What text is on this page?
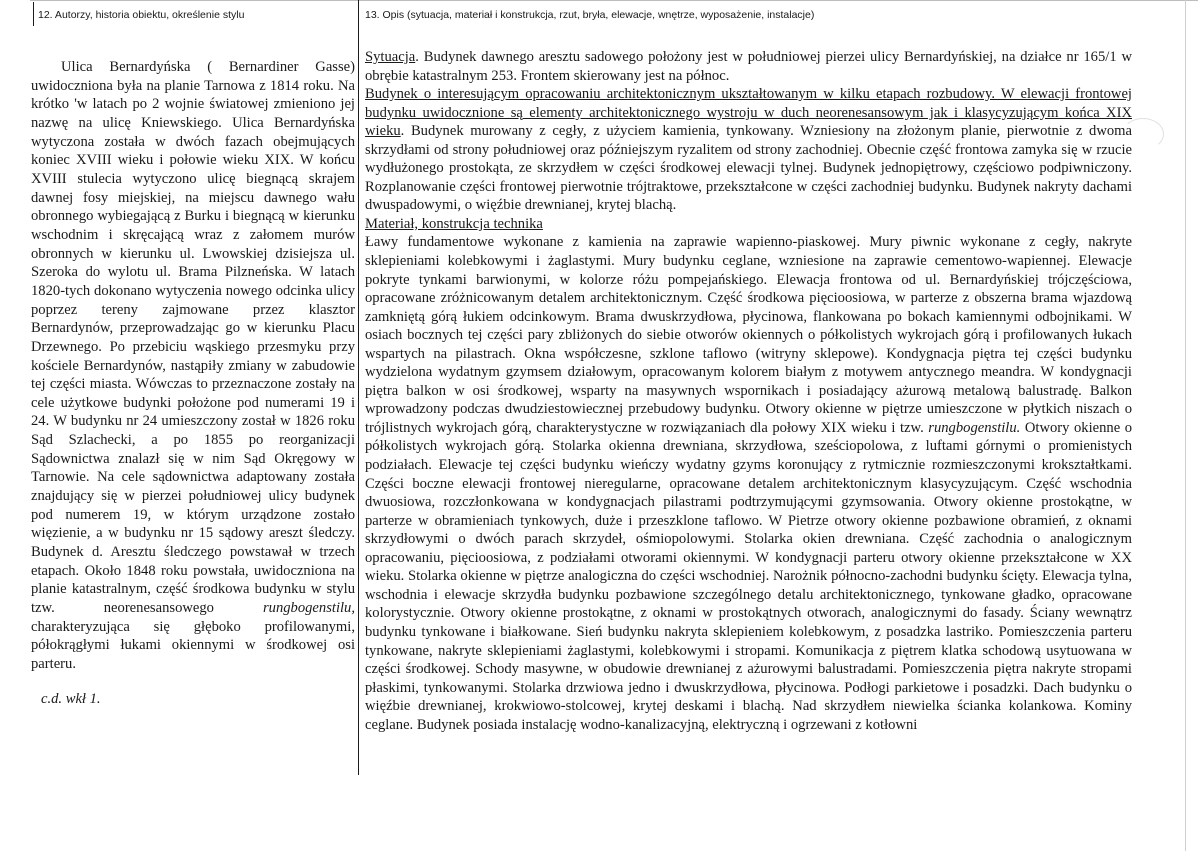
12. Autorzy, historia obiektu, określenie stylu	13. Opis (sytuacja, materiał i konstrukcja, rzut, bryła, elewacje, wnętrze, wyposażenie, instalacje)

Ulica Bernardyńska ( Bernardiner Gasse) uwidoczniona była na planie Tarnowa z 1814 roku. Na krótko 'w latach po 2 wojnie światowej zmieniono jej nazwę na ulicę Kniewskiego. Ulica Bernardyńska wytyczona została w dwóch fazach obejmujących koniec XVIII wieku i połowie wieku XIX. W końcu XVIII stulecia wytyczono ulicę biegnącą skrajem dawnej fosy miejskiej, na miejscu dawnego wału obronnego wybiegającą z Burku i biegnącą w kierunku wschodnim i skręcającą wraz z załomem murów obronnych w kierunku ul. Lwowskiej dzisiejsza ul. Szeroka do wylotu ul. Brama Pilzneńska. W latach 1820-tych dokonano wytyczenia nowego odcinka ulicy poprzez tereny zajmowane przez klasztor Bernardynów, przeprowadzając go w kierunku Placu Drzewnego. Po przebiciu wąskiego przesmyku przy kościele Bernardynów, nastąpiły zmiany w zabudowie tej części miasta. Wówczas to przeznaczone zostały na cele użytkowe budynki położone pod numerami 19 i 24. W budynku nr 24 umieszczony został w 1826 roku Sąd Szlachecki, a po 1855 po reorganizacji Sądownictwa znalazł się w nim Sąd Okręgowy w Tarnowie. Na cele sądownictwa adaptowany została znajdujący się w pierzei południowej ulicy budynek pod numerem 19, w którym urządzone zostało więzienie, a w budynku nr 15 sądowy areszt śledczy. Budynek d. Aresztu śledczego powstawał w trzech etapach. Około 1848 roku powstała, uwidoczniona na planie katastralnym, część środkowa budynku w stylu tzw. neorenesansowego	rungbogenstilu, charakteryzująca się głęboko profilowanymi, półokrągłymi łukami okiennymi w środkowej osi parteru.

c.d. wkł 1.

Sytuacja. Budynek dawnego aresztu sadowego położony jest w południowej pierzei ulicy Bernardyńskiej, na działce nr 165/1 w obrębie katastralnym 253. Frontem skierowany jest na północ.

Budynek o interesującym opracowaniu architektonicznym ukształtowanym w kilku etapach rozbudowy. W elewacji frontowej budynku uwidocznione są elementy architektonicznego wystroju w duch neorenesansowym jak i klasycyzującym końca XIX wieku. Budynek murowany z cegły, z użyciem kamienia, tynkowany. Wzniesiony na złożonym planie, pierwotnie z dwoma skrzydłami od strony południowej oraz późniejszym ryzalitem od strony zachodniej. Obecnie część frontowa zamyka się w rzucie wydłużonego prostokąta, ze skrzydłem w części środkowej elewacji tylnej. Budynek jednopiętrowy, częściowo podpiwniczony. Rozplanowanie części frontowej pierwotnie trójtraktowe, przekształcone w części zachodniej budynku. Budynek nakryty dachami dwuspadowymi, o więźbie drewnianej, krytej blachą.

Materiał, konstrukcja technika

Ławy fundamentowe wykonane z kamienia na zaprawie wapienno-piaskowej. Mury piwnic wykonane z cegły, nakryte sklepieniami kolebkowymi i żaglastymi. Mury budynku ceglane, wzniesione na zaprawie cementowo-wapiennej. Elewacje pokryte tynkami barwionymi, w kolorze różu pompejańskiego. Elewacja frontowa od ul. Bernardyńskiej trójczęściowa, opracowane zróżnicowanym detalem architektonicznym. Część środkowa pięcioosiowa, w parterze z obszerna brama wjazdową zamkniętą górą łukiem odcinkowym. Brama dwuskrzydłowa, płycinowa, flankowana po bokach kamiennymi odbojnikami. W osiach bocznych tej części pary zbliżonych do siebie otworów okiennych o półkolistych wykrojach górą i profilowanych łukach wspartych na pilastrach. Okna współczesne, szklone taflowo (witryny sklepowe). Kondygnacja piętra tej części budynku wydzielona wydatnym gzymsem działowym, opracowanym kolorem białym z motywem antycznego meandra. W kondygnacji piętra balkon w osi środkowej, wsparty na masywnych wspornikach i posiadający ażurową metalową balustradę. Balkon wprowadzony podczas dwudziestowiecznej przebudowy budynku. Otwory okienne w piętrze umieszczone w płytkich niszach o trójlistnych wykrojach górą, charakterystyczne w rozwiązaniach dla połowy XIX wieku i tzw. rungbogenstilu. Otwory okienne o półkolistych wykrojach górą. Stolarka okienna drewniana, skrzydłowa, sześciopolowa, z luftami górnymi o promienistych podziałach. Elewacje tej części budynku wieńczy wydatny gzyms koronujący z rytmicznie rozmieszczonymi krokształtkami. Części boczne elewacji frontowej nieregularne, opracowane detalem architektonicznym klasycyzującym. Część wschodnia dwuosiowa, rozczłonkowana w kondygnacjach pilastrami podtrzymującymi gzymsowania. Otwory okienne prostokątne, w parterze w obramieniach tynkowych, duże i przeszklone taflowo. W Pietrze otwory okienne pozbawione obramień, z oknami skrzydłowymi o dwóch parach skrzydeł, ośmiopolowymi. Stolarka okien drewniana. Część zachodnia o analogicznym opracowaniu, pięcioosiowa, z podziałami otworami okiennymi. W kondygnacji parteru otwory okienne przekształcone w XX wieku. Stolarka okienne w piętrze analogiczna do części wschodniej. Narożnik północno-zachodni budynku ścięty. Elewacja tylna, wschodnia i elewacje skrzydła budynku pozbawione szczególnego detalu architektonicznego, tynkowane gładko, opracowane kolorystycznie. Otwory okienne prostokątne, z oknami w prostokątnych otworach, analogicznymi do fasady. Ściany wewnątrz budynku tynkowane i białkowane. Sień budynku nakryta sklepieniem kolebkowym, z posadzka lastriko. Pomieszczenia parteru tynkowane, nakryte sklepieniami żaglastymi, kolebkowymi i stropami. Komunikacja z piętrem klatka schodową usytuowana w części środkowej. Schody masywne, w obudowie drewnianej z ażurowymi balustradami. Pomieszczenia piętra nakryte stropami płaskimi, tynkowanymi. Stolarka drzwiowa jedno i dwuskrzydłowa, płycinowa. Podłogi parkietowe i posadzki. Dach budynku o więźbie drewnianej, krokwiowo-stolcowej, krytej deskami i blachą. Nad skrzydłem niewielka ścianka kolankowa. Kominy ceglane. Budynek posiada instalację wodno-kanalizacyjną, elektryczną i ogrzewani z kotłowni
